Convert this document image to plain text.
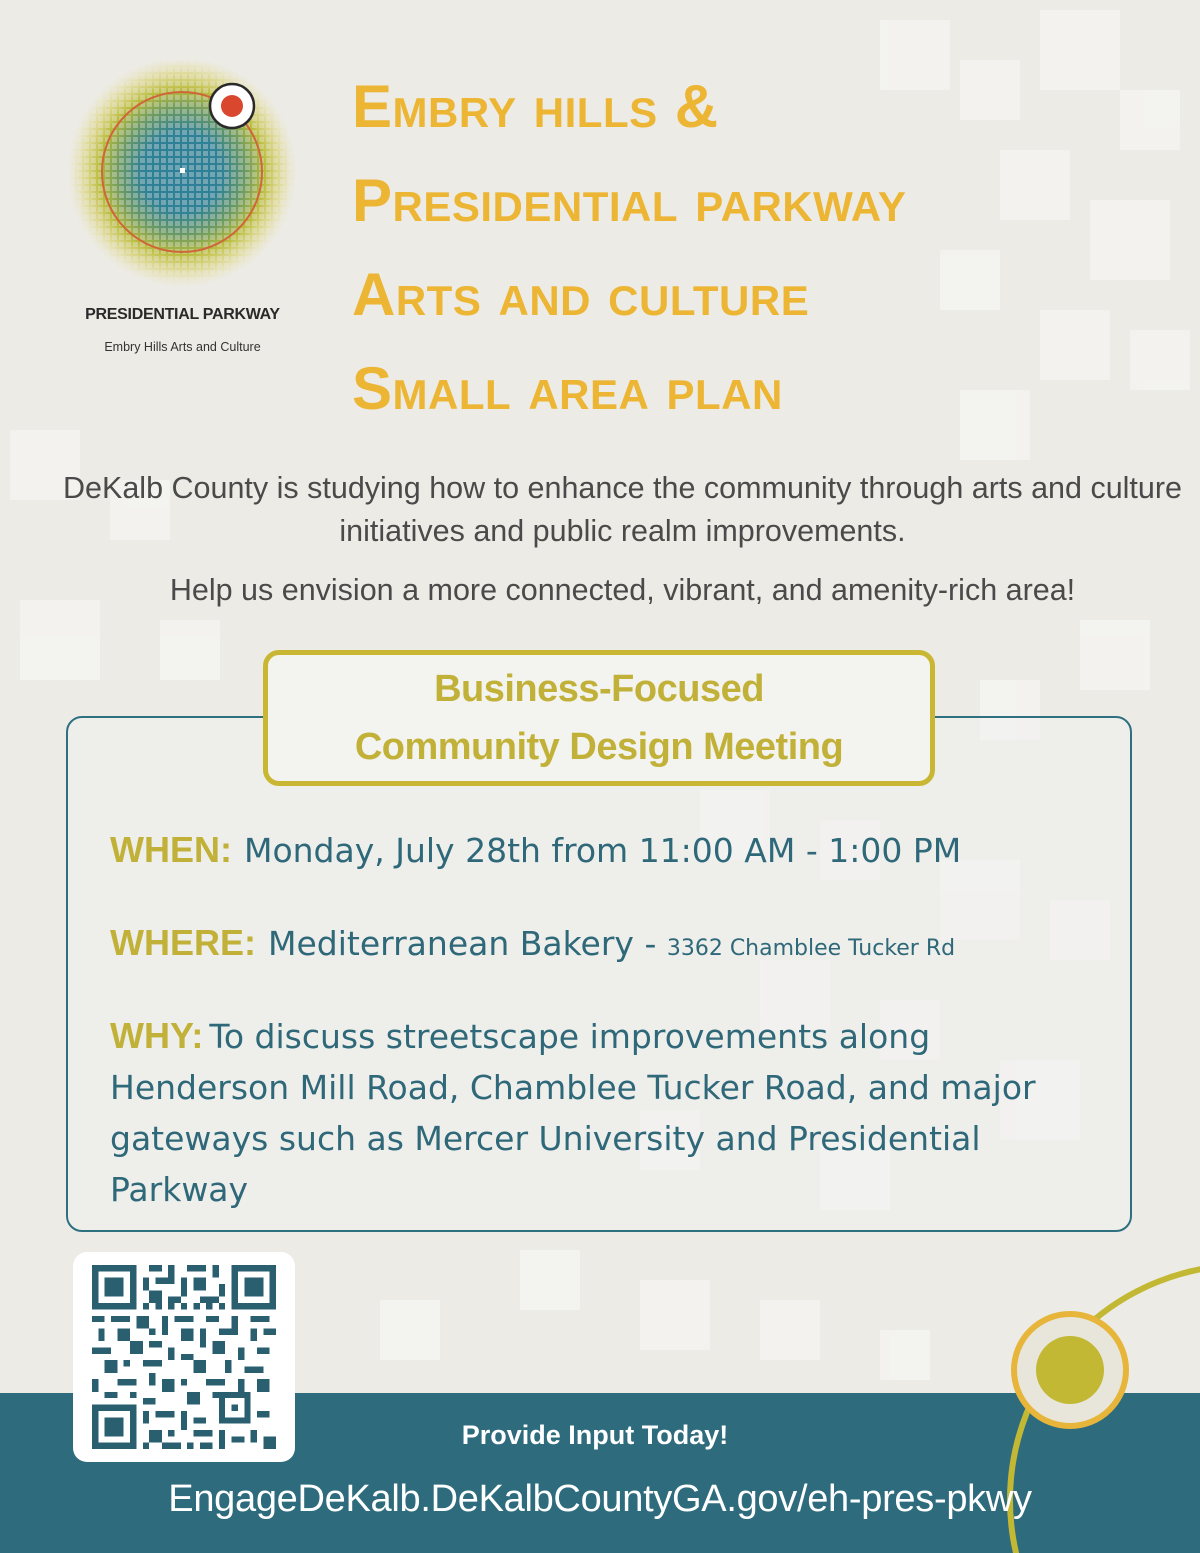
PRESIDENTIAL PARKWAY
Embry Hills Arts and Culture
Embry hills &
Presidential parkway
Arts and culture
Small area plan

DeKalb County is studying how to enhance the community through arts and culture initiatives and public realm improvements.

Help us envision a more connected, vibrant, and amenity-rich area!

Business-Focused
Community Design Meeting
WHEN: Monday, July 28th from 11:00 AM - 1:00 PM
WHERE: Mediterranean Bakery - 3362 Chamblee Tucker Rd
WHY: To discuss streetscape improvements along Henderson Mill Road, Chamblee Tucker Road, and major gateways such as Mercer University and Presidential Parkway
Provide Input Today!
EngageDeKalb.DeKalbCountyGA.gov/eh-pres-pkwy
